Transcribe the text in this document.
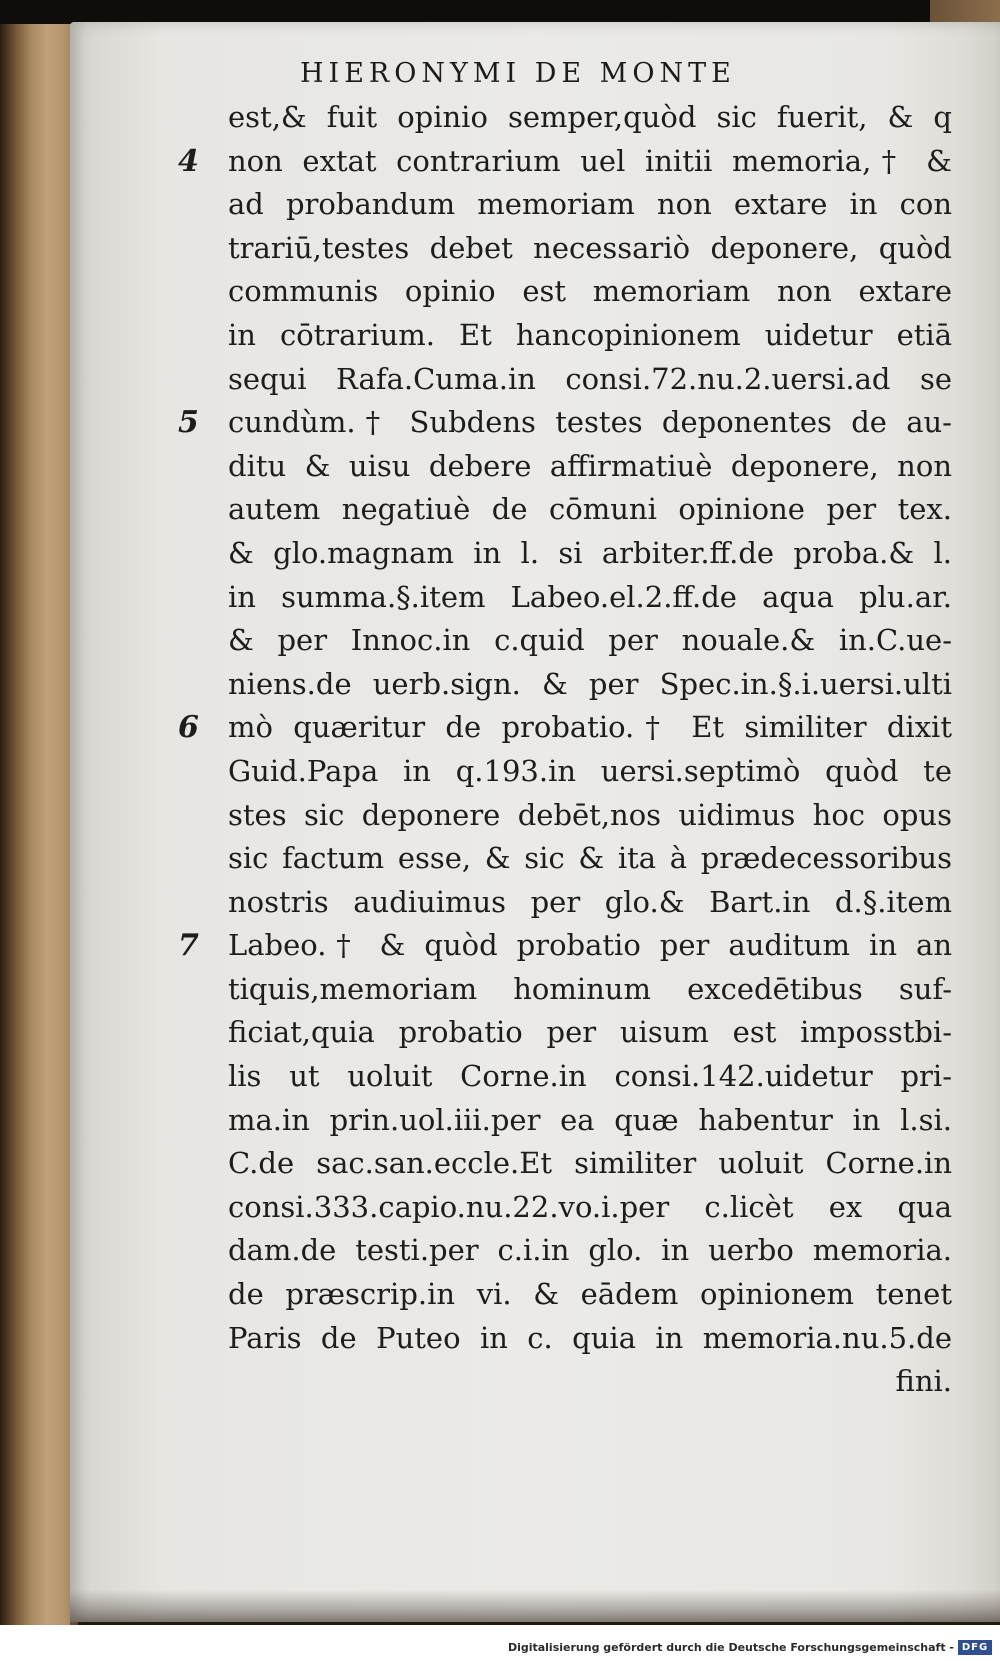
HIERONYMI DE MONTE
4
5
6
7
est,& fuit opinio semper,quòd sic fuerit, & q
non extat contrarium uel initii memoria,† &
ad probandum memoriam non extare in con
trariū,testes debet necessariò deponere, quòd
communis opinio est memoriam non extare
in cōtrarium. Et hancopinionem uidetur etiā
sequi Rafa.Cuma.in consi.72.nu.2.uersi.ad se
cundùm.† Subdens testes deponentes de au-
ditu & uisu debere affirmatiuè deponere, non
autem negatiuè de cōmuni opinione per tex.
& glo.magnam in l. si arbiter.ff.de proba.& l.
in summa.§.item Labeo.el.2.ff.de aqua plu.ar.
& per Innoc.in c.quid per nouale.& in.C.ue-
niens.de uerb.sign. & per Spec.in.§.i.uersi.ulti
mò quæritur de probatio.† Et similiter dixit
Guid.Papa in q.193.in uersi.septimò quòd te
stes sic deponere debēt,nos uidimus hoc opus
sic factum esse, & sic & ita à prædecessoribus
nostris audiuimus per glo.& Bart.in d.§.item
Labeo.† & quòd probatio per auditum in an
tiquis,memoriam hominum excedētibus suf-
ficiat,quia probatio per uisum est imposstbi-
lis ut uoluit Corne.in consi.142.uidetur pri-
ma.in prin.uol.iii.per ea quæ habentur in l.si.
C.de sac.san.eccle.Et similiter uoluit Corne.in
consi.333.capio.nu.22.vo.i.per c.licèt ex qua
dam.de testi.per c.i.in glo. in uerbo memoria.
de præscrip.in vi. & eādem opinionem tenet
Paris de Puteo in c. quia in memoria.nu.5.de
fini.
Digitalisierung gefördert durch die Deutsche Forschungsgemeinschaft - DFG
